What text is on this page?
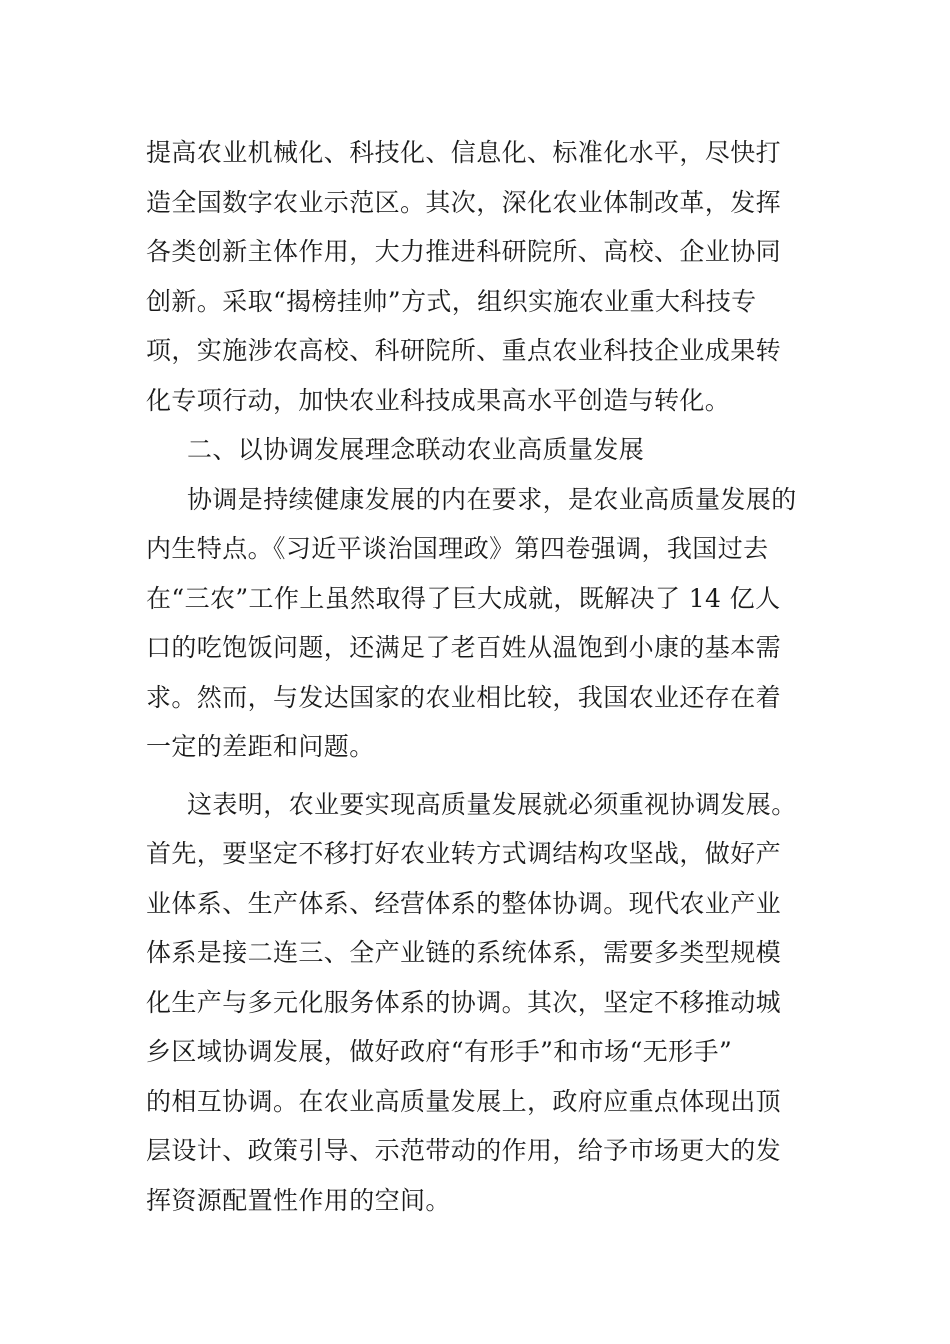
提高农业机械化、科技化、信息化、标准化水平，尽快打
造全国数字农业示范区。其次，深化农业体制改革，发挥
各类创新主体作用，大力推进科研院所、高校、企业协同
创新。采取“揭榜挂帅”方式，组织实施农业重大科技专
项，实施涉农高校、科研院所、重点农业科技企业成果转
化专项行动，加快农业科技成果高水平创造与转化。

二、以协调发展理念联动农业高质量发展

协调是持续健康发展的内在要求，是农业高质量发展的
内生特点。《习近平谈治国理政》第四卷强调，我国过去
在“三农”工作上虽然取得了巨大成就，既解决了 14 亿人
口的吃饱饭问题，还满足了老百姓从温饱到小康的基本需
求。然而，与发达国家的农业相比较，我国农业还存在着
一定的差距和问题。

这表明，农业要实现高质量发展就必须重视协调发展。
首先，要坚定不移打好农业转方式调结构攻坚战，做好产
业体系、生产体系、经营体系的整体协调。现代农业产业
体系是接二连三、全产业链的系统体系，需要多类型规模
化生产与多元化服务体系的协调。其次，坚定不移推动城
乡区域协调发展，做好政府“有形手”和市场“无形手”
的相互协调。在农业高质量发展上，政府应重点体现出顶
层设计、政策引导、示范带动的作用，给予市场更大的发
挥资源配置性作用的空间。
